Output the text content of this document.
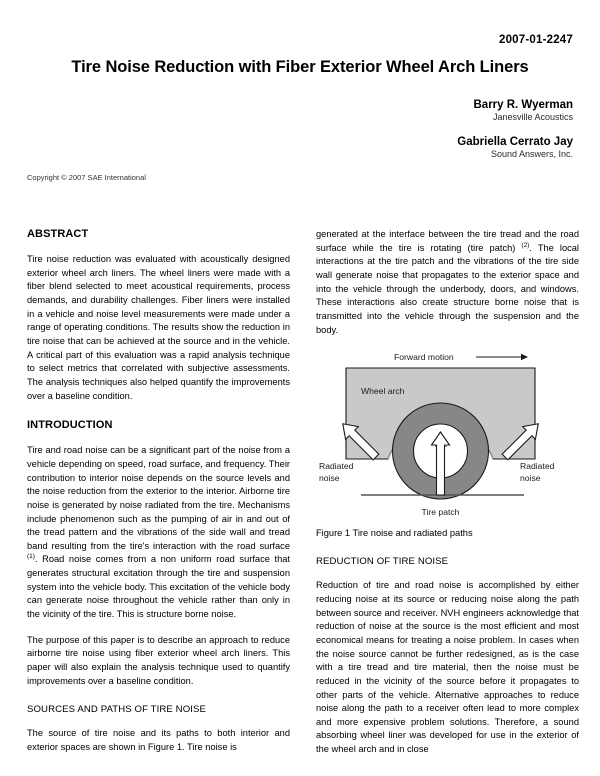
2007-01-2247
Tire Noise Reduction with Fiber Exterior Wheel Arch Liners
Barry R. Wyerman
Janesville Acoustics
Gabriella Cerrato Jay
Sound Answers, Inc.
Copyright © 2007 SAE International
ABSTRACT

Tire noise reduction was evaluated with acoustically designed exterior wheel arch liners. The wheel liners were made with a fiber blend selected to meet acoustical requirements, process demands, and durability challenges. Fiber liners were installed in a vehicle and noise level measurements were made under a range of operating conditions. The results show the reduction in tire noise that can be achieved at the source and in the vehicle. A critical part of this evaluation was a rapid analysis technique to select metrics that correlated with subjective assessments. The analysis techniques also helped quantify the improvements over a baseline condition.

INTRODUCTION

Tire and road noise can be a significant part of the noise from a vehicle depending on speed, road surface, and frequency. Their contribution to interior noise depends on the source levels and the noise reduction from the exterior to the interior. Airborne tire noise is generated by noise radiated from the tire. Mechanisms include phenomenon such as the pumping of air in and out of the tread pattern and the vibrations of the side wall and tread band resulting from the tire's interaction with the road surface $^{(1)}$. Road noise comes from a non uniform road surface that generates structural excitation through the tire and suspension system into the vehicle body. This excitation of the vehicle body can generate noise throughout the vehicle rather than only in the vicinity of the tire. This is structure borne noise.

The purpose of this paper is to describe an approach to reduce airborne tire noise using fiber exterior wheel arch liners. This paper will also explain the analysis technique used to quantify improvements over a baseline condition.

SOURCES AND PATHS OF TIRE NOISE

The source of tire noise and its paths to both interior and exterior spaces are shown in Figure 1. Tire noise is

generated at the interface between the tire tread and the road surface while the tire is rotating (tire patch) $^{(2)}$. The local interactions at the tire patch and the vibrations of the tire side wall generate noise that propagates to the exterior space and into the vehicle through the underbody, doors, and windows. These interactions also create structure borne noise that is transmitted into the vehicle through the suspension and the body.

Forward motion
Wheel arch
Radiated
noise
Radiated
noise
Tire patch
Figure 1 Tire noise and radiated paths
REDUCTION OF TIRE NOISE

Reduction of tire and road noise is accomplished by either reducing noise at its source or reducing noise along the path between source and receiver. NVH engineers acknowledge that reduction of noise at the source is the most efficient and most economical means for treating a noise problem. In cases when the noise source cannot be further redesigned, as is the case with a tire tread and tire material, then the noise must be reduced in the vicinity of the source before it propagates to other parts of the vehicle. Alternative approaches to reduce noise along the path to a receiver often lead to more complex and more expensive problem solutions. Therefore, a sound absorbing wheel liner was developed for use in the exterior of the wheel arch and in close
